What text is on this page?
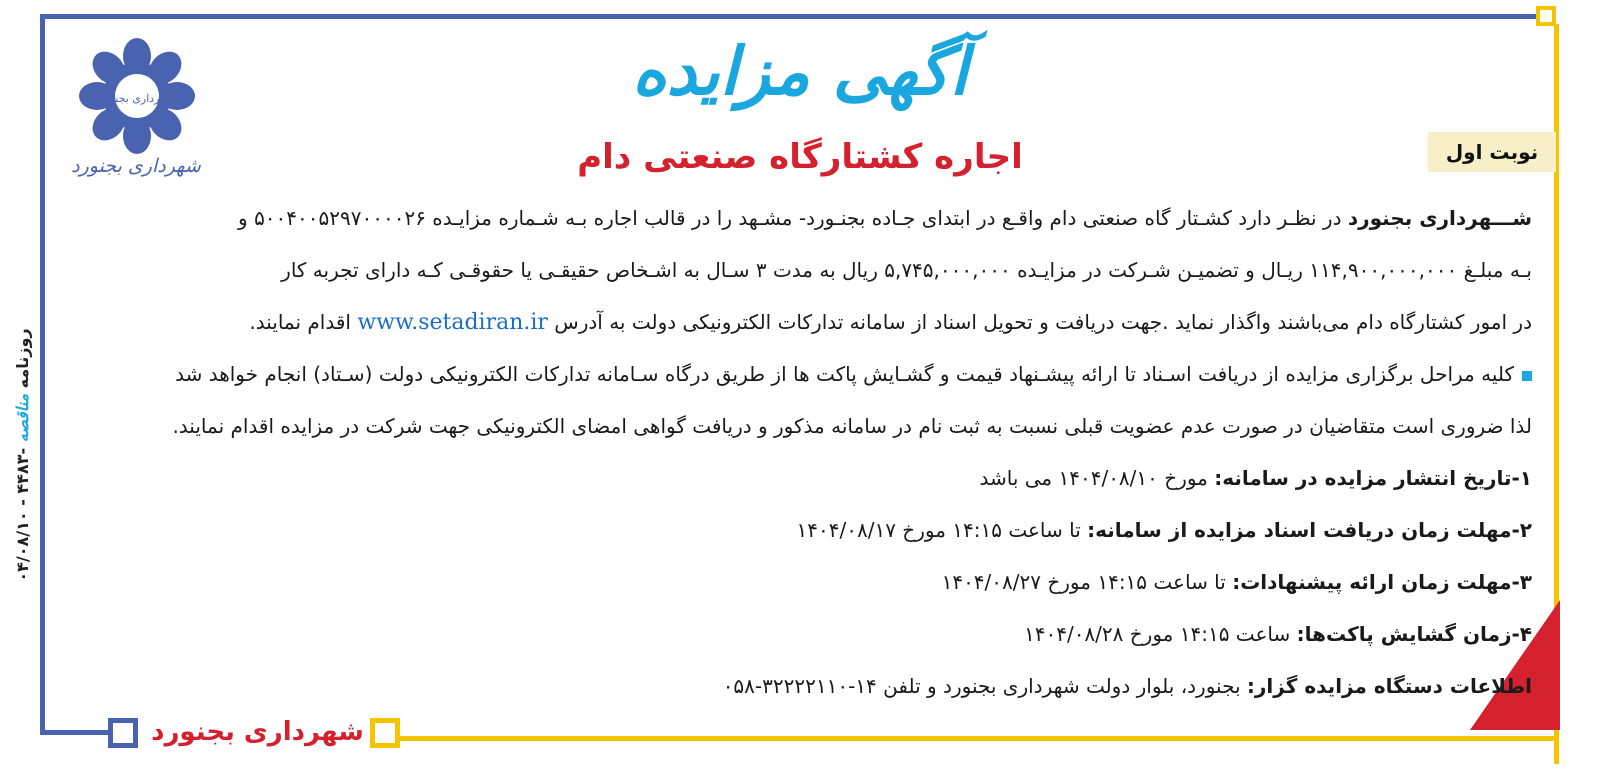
شهرداری بجنورد
آگهی مزایده
اجاره کشتارگاه صنعتی دام	نوبت اول
شهرداری بجنورد
شهرداری بجنورد
روزنامه مناقصه -۴۴۸۳ - ۰۴/۰۸/۱۰
شـــهرداری بجنورد در نظـر دارد کشـتار گاه صنعتی دام واقـع در ابتدای جـاده بجنـورد- مشـهد را در قالب اجاره بـه شـماره مزایـده ۵۰۰۴۰۰۵۲۹۷۰۰۰۰۲۶ و
بـه مبلـغ ۱۱۴,۹۰۰,۰۰۰,۰۰۰ ریـال و تضمیـن شـرکت در مزایـده ۵,۷۴۵,۰۰۰,۰۰۰ ریال به مدت ۳ سـال به اشـخاص حقیقـی یا حقوقـی کـه دارای تجربه کار
در امور کشتارگاه دام می‌باشند واگذار نماید .جهت دریافت و تحویل اسناد از سامانه تدارکات الکترونیکی دولت به آدرس www.setadiran.ir اقدام نمایند.
کلیه مراحل برگزاری مزایده از دریافت اسـناد تا ارائه پیشـنهاد قیمت و گشـایش پاکت ها از طریق درگاه سـامانه تدارکات الکترونیکی دولت (سـتاد) انجام خواهد شد
لذا ضروری است متقاضیان در صورت عدم عضویت قبلی نسبت به ثبت نام در سامانه مذکور و دریافت گواهی امضای الکترونیکی جهت شرکت در مزایده اقدام نمایند.
۱-تاریخ انتشار مزایده در سامانه: مورخ ۱۴۰۴/۰۸/۱۰ می باشد
۲-مهلت زمان دریافت اسناد مزایده از سامانه: تا ساعت ۱۴:۱۵ مورخ ۱۴۰۴/۰۸/۱۷
۳-مهلت زمان ارائه پیشنهادات: تا ساعت ۱۴:۱۵ مورخ ۱۴۰۴/۰۸/۲۷
۴-زمان گشایش پاکت‌ها: ساعت ۱۴:۱۵ مورخ ۱۴۰۴/۰۸/۲۸
اطلاعات دستگاه مزایده گزار: بجنورد، بلوار دولت شهرداری بجنورد و تلفن ۱۴-۳۲۲۲۲۱۱۰-۰۵۸
